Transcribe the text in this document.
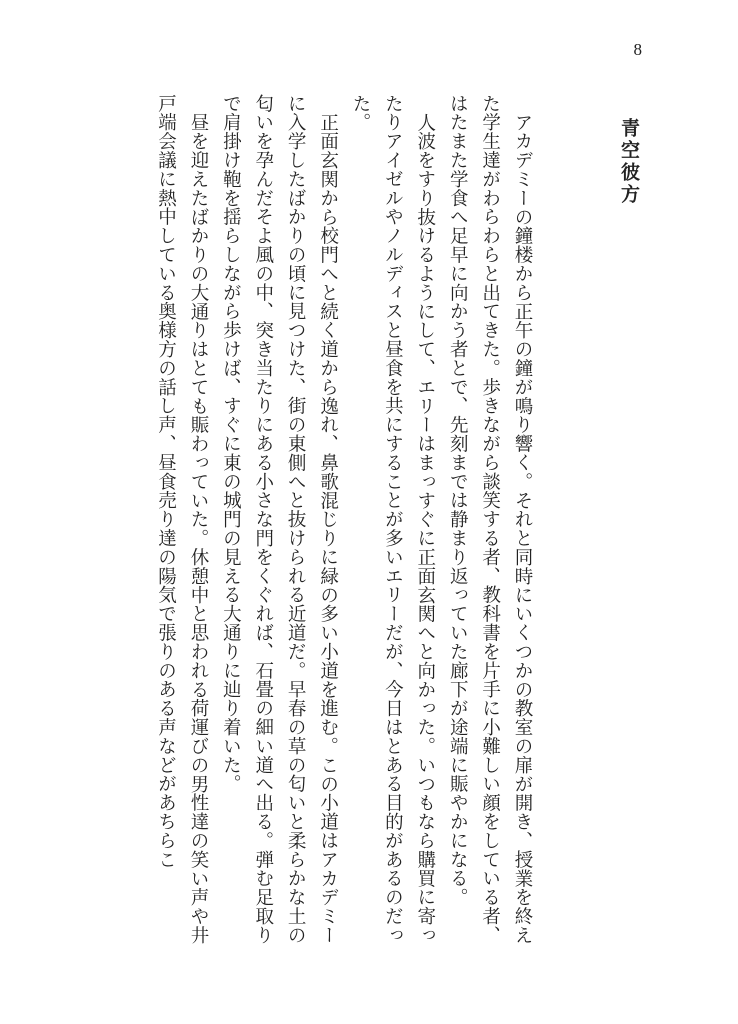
8
青空彼方

アカデミーの鐘楼から正午の鐘が鳴り響く。それと同時にいくつかの教室の扉が開き、授業を終えた学生達がわらわらと出てきた。歩きながら談笑する者、教科書を片手に小難しい顔をしている者、はたまた学食へ足早に向かう者とで、先刻までは静まり返っていた廊下が途端に賑やかになる。

人波をすり抜けるようにして、エリーはまっすぐに正面玄関へと向かった。いつもなら購買に寄ったりアイゼルやノルディスと昼食を共にすることが多いエリーだが、今日はとある目的があるのだった。

正面玄関から校門へと続く道から逸れ、鼻歌混じりに緑の多い小道を進む。この小道はアカデミーに入学したばかりの頃に見つけた、街の東側へと抜けられる近道だ。早春の草の匂いと柔らかな土の匂いを孕んだそよ風の中、突き当たりにある小さな門をくぐれば、石畳の細い道へ出る。弾む足取りで肩掛け鞄を揺らしながら歩けば、すぐに東の城門の見える大通りに辿り着いた。

昼を迎えたばかりの大通りはとても賑わっていた。休憩中と思われる荷運びの男性達の笑い声や井戸端会議に熱中している奥様方の話し声、昼食売り達の陽気で張りのある声などがあちらこ
